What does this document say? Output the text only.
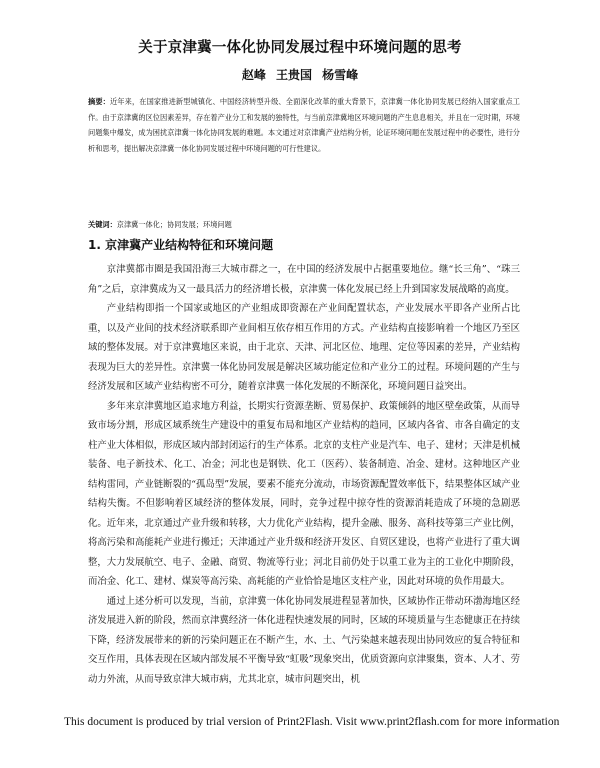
关于京津冀一体化协同发展过程中环境问题的思考
赵峰 王贵国 杨雪峰
摘要：近年来，在国家推进新型城镇化、中国经济转型升级、全面深化改革的重大背景下，京津冀一体化协同发展已经纳入国家重点工作。由于京津冀的区位因素差异，存在着产业分工和发展的独特性，与当前京津冀地区环境问题的产生息息相关，并且在一定时期，环境问题集中爆发，成为困扰京津冀一体化协同发展的难题。本文通过对京津冀产业结构分析，论证环境问题在发展过程中的必要性，进行分析和思考，提出解决京津冀一体化协同发展过程中环境问题的可行性建议。
关键词：京津冀一体化；协同发展；环境问题
1. 京津冀产业结构特征和环境问题

京津冀都市圈是我国沿海三大城市群之一，在中国的经济发展中占据重要地位。继“长三角”、“珠三角”之后，京津冀成为又一最具活力的经济增长极，京津冀一体化发展已经上升到国家发展战略的高度。

产业结构即指一个国家或地区的产业组成即资源在产业间配置状态，产业发展水平即各产业所占比重，以及产业间的技术经济联系即产业间相互依存相互作用的方式。产业结构直接影响着一个地区乃至区域的整体发展。对于京津冀地区来说，由于北京、天津、河北区位、地理、定位等因素的差异，产业结构表现为巨大的差异性。京津冀一体化协同发展是解决区域功能定位和产业分工的过程。环境问题的产生与经济发展和区域产业结构密不可分，随着京津冀一体化发展的不断深化，环境问题日益突出。

多年来京津冀地区追求地方利益，长期实行资源垄断、贸易保护、政策倾斜的地区壁垒政策，从而导致市场分割，形成区域系统生产建设中的重复布局和地区产业结构的趋同，区域内各省、市各自确定的支柱产业大体相似，形成区域内部封闭运行的生产体系。北京的支柱产业是汽车、电子、建材；天津是机械装备、电子新技术、化工、冶金；河北也是钢铁、化工（医药）、装备制造、冶金、建材。这种地区产业结构雷同，产业链断裂的“孤岛型”发展，要素不能充分流动，市场资源配置效率低下，结果整体区域产业结构失衡。不但影响着区域经济的整体发展，同时，竞争过程中掠夺性的资源消耗造成了环境的急剧恶化。近年来，北京通过产业升级和转移，大力优化产业结构，提升金融、服务、高科技等第三产业比例，将高污染和高能耗产业进行搬迁；天津通过产业升级和经济开发区、自贸区建设，也将产业进行了重大调整，大力发展航空、电子、金融、商贸、物流等行业；河北目前仍处于以重工业为主的工业化中期阶段，而冶金、化工、建材、煤炭等高污染、高耗能的产业恰恰是地区支柱产业，因此对环境的负作用最大。

通过上述分析可以发现，当前，京津冀一体化协同发展进程显著加快，区域协作正带动环渤海地区经济发展进入新的阶段，然而京津冀经济一体化进程快速发展的同时，区域的环境质量与生态健康正在持续下降，经济发展带来的新的污染问题正在不断产生，水、土、气污染越来越表现出协同效应的复合特征和交互作用，具体表现在区域内部发展不平衡导致“虹吸”现象突出，优质资源向京津聚集，资本、人才、劳动力外流，从而导致京津大城市病，尤其北京，城市问题突出，机

This document is produced by trial version of Print2Flash. Visit www.print2flash.com for more information
